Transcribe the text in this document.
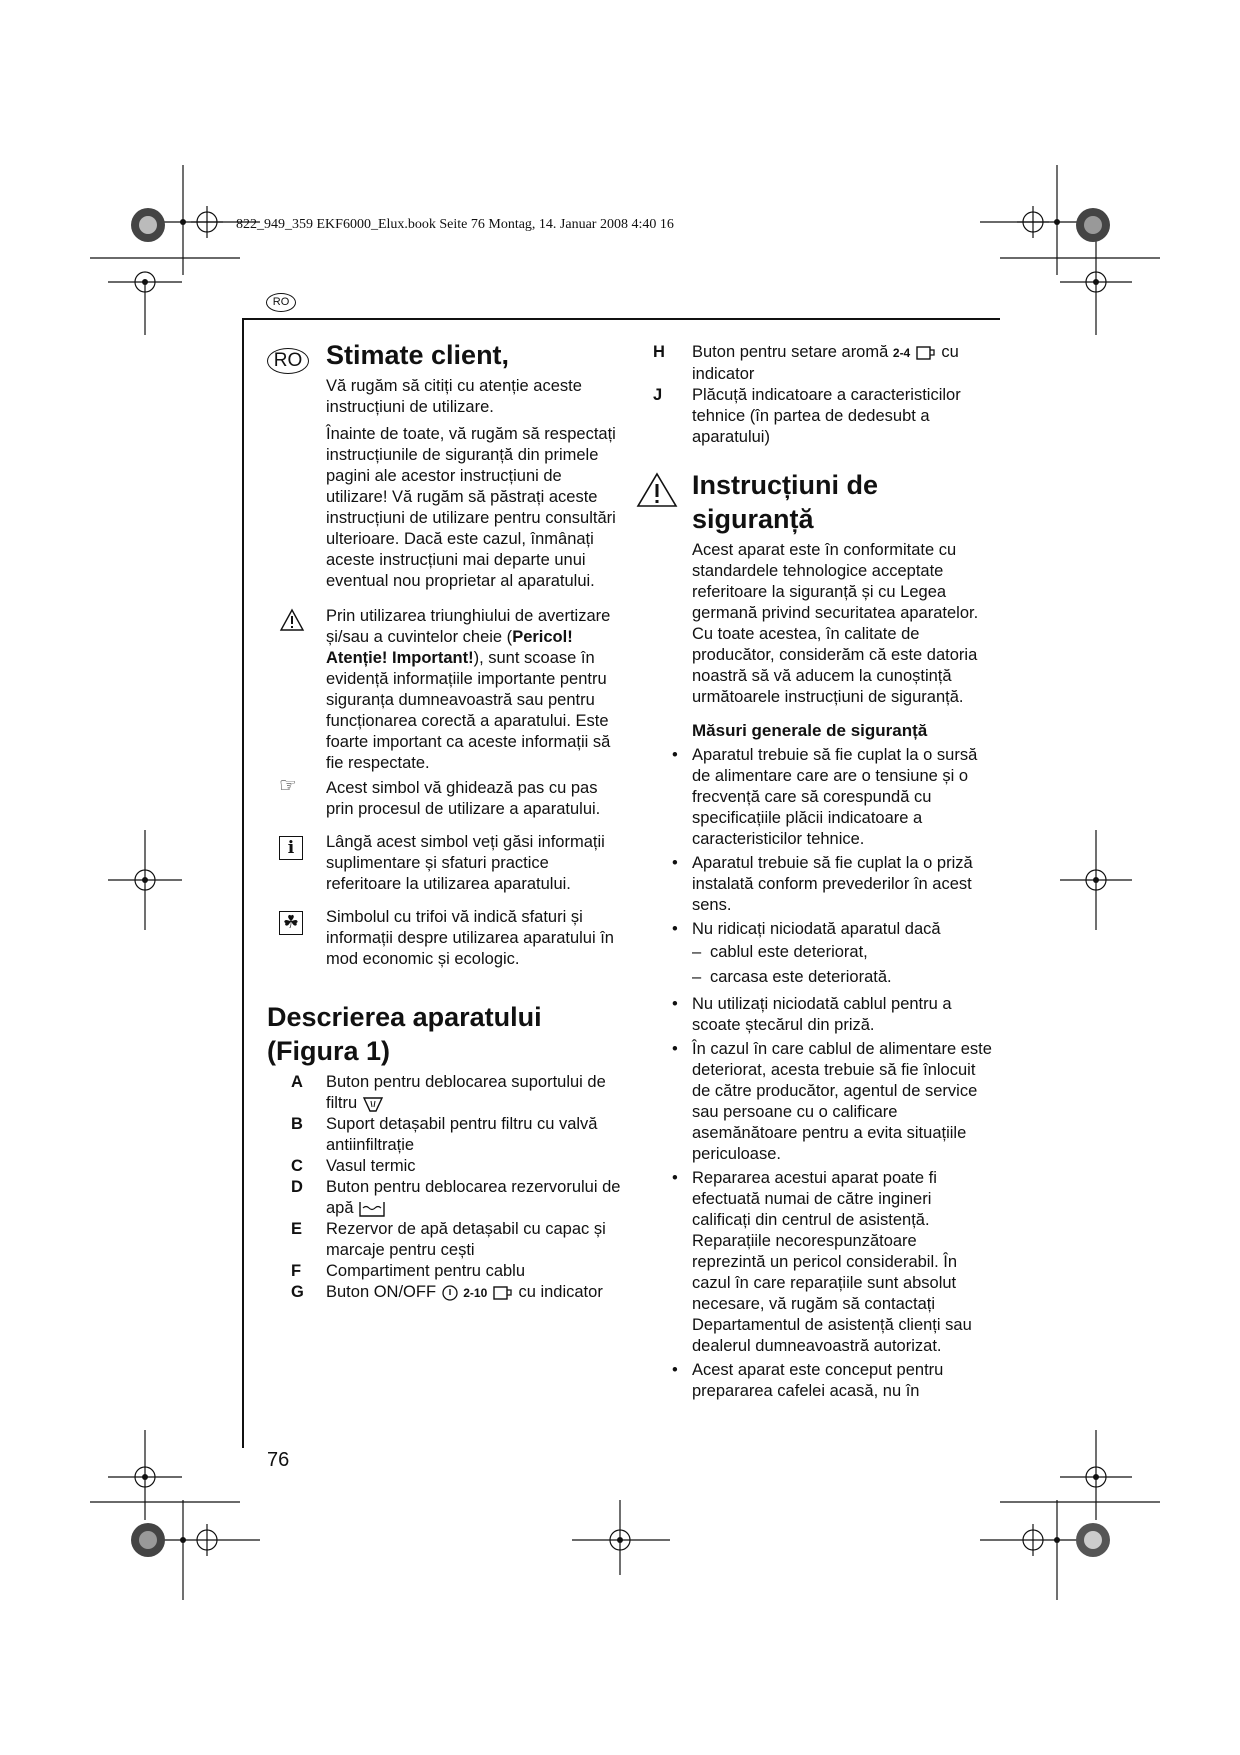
822_949_359 EKF6000_Elux.book Seite 76 Montag, 14. Januar 2008 4:40 16
RO
76
RO Stimate client,

Vă rugăm să citiți cu atenție aceste instrucțiuni de utilizare.

Înainte de toate, vă rugăm să respectați instrucțiunile de siguranță din primele pagini ale acestor instrucțiuni de utilizare! Vă rugăm să păstrați aceste instrucțiuni de utilizare pentru consultări ulterioare. Dacă este cazul, înmânați aceste instrucțiuni mai departe unui eventual nou proprietar al aparatului.

Prin utilizarea triunghiului de avertizare și/sau a cuvintelor cheie (Pericol! Atenție! Important!), sunt scoase în evidență informațiile importante pentru siguranța dumneavoastră sau pentru funcționarea corectă a aparatului. Este foarte important ca aceste informații să fie respectate.

☞ Acest simbol vă ghidează pas cu pas prin procesul de utilizare a aparatului.

i	Lângă acest simbol veți găsi informații suplimentare și sfaturi practice referitoare la utilizarea aparatului.

☘ Simbolul cu trifoi vă indică sfaturi și informații despre utilizarea aparatului în mod economic și ecologic.

Descrierea aparatului
(Figura 1)
A Buton pentru deblocarea suportului de filtru
B Suport detașabil pentru filtru cu valvă antiinfiltrație
C Vasul termic
D Buton pentru deblocarea rezervorului de apă
E Rezervor de apă detașabil cu capac și marcaje pentru cești
F Compartiment pentru cablu
G Buton ON/OFF 2-10 cu indicator
H Buton pentru setare aromă 2-4 cu indicator
J Plăcuță indicatoare a caracteristicilor tehnice (în partea de dedesubt a aparatului)
Instrucțiuni de
siguranță

Acest aparat este în conformitate cu standardele tehnologice acceptate referitoare la siguranță și cu Legea germană privind securitatea aparatelor. Cu toate acestea, în calitate de producător, considerăm că este datoria noastră să vă aducem la cunoștință următoarele instrucțiuni de siguranță.

Măsuri generale de siguranță
• Aparatul trebuie să fie cuplat la o sursă de alimentare care are o tensiune și o frecvență care să corespundă cu specificațiile plăcii indicatoare a caracteristicilor tehnice.
• Aparatul trebuie să fie cuplat la o priză instalată conform prevederilor în acest sens.
• Nu ridicați niciodată aparatul dacă
– cablul este deteriorat,
– carcasa este deteriorată.
• Nu utilizați niciodată cablul pentru a scoate ștecărul din priză.
• În cazul în care cablul de alimentare este deteriorat, acesta trebuie să fie înlocuit de către producător, agentul de service sau persoane cu o calificare asemănătoare pentru a evita situațiile periculoase.
• Repararea acestui aparat poate fi efectuată numai de către ingineri calificați din centrul de asistență. Reparațiile necorespunzătoare reprezintă un pericol considerabil. În cazul în care reparațiile sunt absolut necesare, vă rugăm să contactați Departamentul de asistență clienți sau dealerul dumneavoastră autorizat.
• Acest aparat este conceput pentru prepararea cafelei acasă, nu în
